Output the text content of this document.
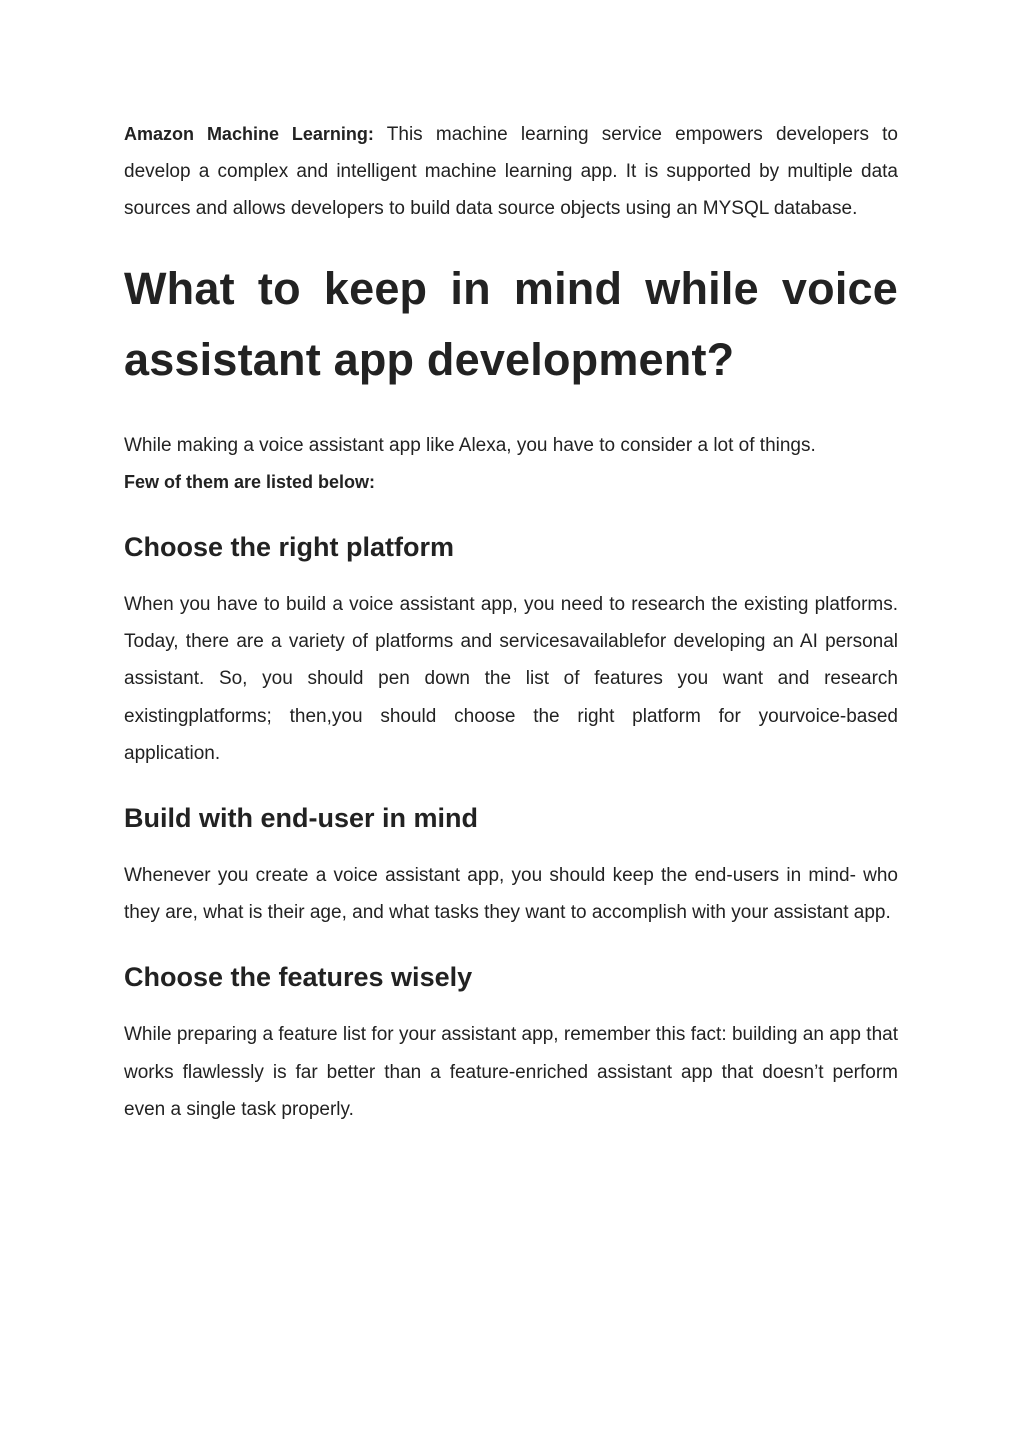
Amazon Machine Learning: This machine learning service empowers developers to develop a complex and intelligent machine learning app. It is supported by multiple data sources and allows developers to build data source objects using an MYSQL database.

What to keep in mind while voice assistant app development?

While making a voice assistant app like Alexa, you have to consider a lot of things.
Few of them are listed below:

Choose the right platform

When you have to build a voice assistant app, you need to research the existing platforms. Today, there are a variety of platforms and servicesavailablefor developing an AI personal assistant. So, you should pen down the list of features you want and research existingplatforms; then,you should choose the right platform for yourvoice-based application.

Build with end-user in mind

Whenever you create a voice assistant app, you should keep the end-users in mind- who they are, what is their age, and what tasks they want to accomplish with your assistant app.

Choose the features wisely

While preparing a feature list for your assistant app, remember this fact: building an app that works flawlessly is far better than a feature-enriched assistant app that doesn’t perform even a single task properly.
